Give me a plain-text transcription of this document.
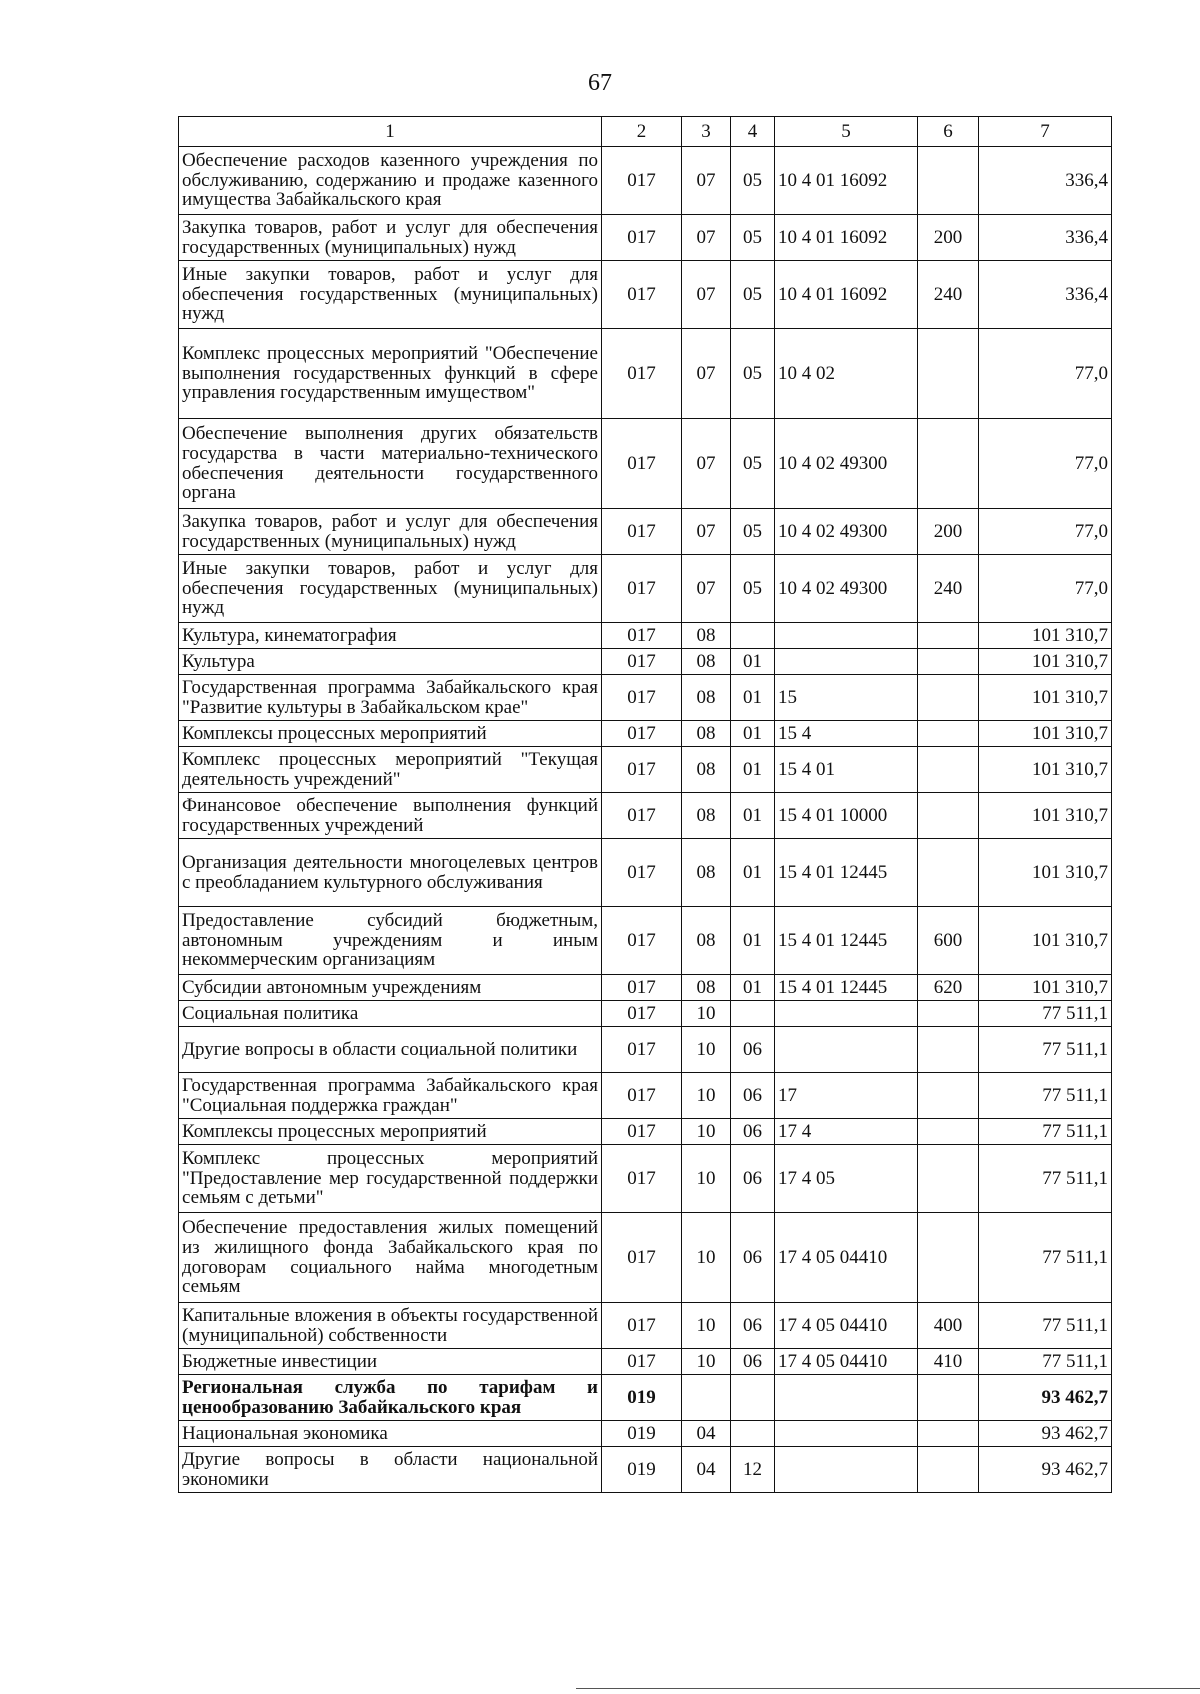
67
1	2	3	4	5	6	7
Обеспечение расходов казенного учреждения по обслуживанию, содержанию и продаже казенного имущества Забайкальского края	017	07	05	10 4 01 16092		336,4
Закупка товаров, работ и услуг для обеспечения государственных (муниципальных) нужд	017	07	05	10 4 01 16092	200	336,4
Иные закупки товаров, работ и услуг для обеспечения государственных (муниципальных) нужд	017	07	05	10 4 01 16092	240	336,4
Комплекс процессных мероприятий "Обеспечение выполнения государственных функций в сфере управления государственным имуществом"	017	07	05	10 4 02		77,0
Обеспечение выполнения других обязательств государства в части материально-технического обеспечения деятельности государственного органа	017	07	05	10 4 02 49300		77,0
Закупка товаров, работ и услуг для обеспечения государственных (муниципальных) нужд	017	07	05	10 4 02 49300	200	77,0
Иные закупки товаров, работ и услуг для обеспечения государственных (муниципальных) нужд	017	07	05	10 4 02 49300	240	77,0
Культура, кинематография	017	08				101 310,7
Культура	017	08	01			101 310,7
Государственная программа Забайкальского края "Развитие культуры в Забайкальском крае"	017	08	01	15		101 310,7
Комплексы процессных мероприятий	017	08	01	15 4		101 310,7
Комплекс процессных мероприятий "Текущая деятельность учреждений"	017	08	01	15 4 01		101 310,7
Финансовое обеспечение выполнения функций государственных учреждений	017	08	01	15 4 01 10000		101 310,7
Организация деятельности многоцелевых центров с преобладанием культурного обслуживания	017	08	01	15 4 01 12445		101 310,7
Предоставление субсидий бюджетным, автономным учреждениям и иным некоммерческим организациям	017	08	01	15 4 01 12445	600	101 310,7
Субсидии автономным учреждениям	017	08	01	15 4 01 12445	620	101 310,7
Социальная политика	017	10				77 511,1
Другие вопросы в области социальной политики	017	10	06			77 511,1
Государственная программа Забайкальского края "Социальная поддержка граждан"	017	10	06	17		77 511,1
Комплексы процессных мероприятий	017	10	06	17 4		77 511,1
Комплекс процессных мероприятий "Предоставление мер государственной поддержки семьям с детьми"	017	10	06	17 4 05		77 511,1
Обеспечение предоставления жилых помещений из жилищного фонда Забайкальского края по договорам социального найма многодетным семьям	017	10	06	17 4 05 04410		77 511,1
Капитальные вложения в объекты государственной (муниципальной) собственности	017	10	06	17 4 05 04410	400	77 511,1
Бюджетные инвестиции	017	10	06	17 4 05 04410	410	77 511,1
Региональная служба по тарифам и ценообразованию Забайкальского края	019					93 462,7
Национальная экономика	019	04				93 462,7
Другие вопросы в области национальной экономики	019	04	12			93 462,7
